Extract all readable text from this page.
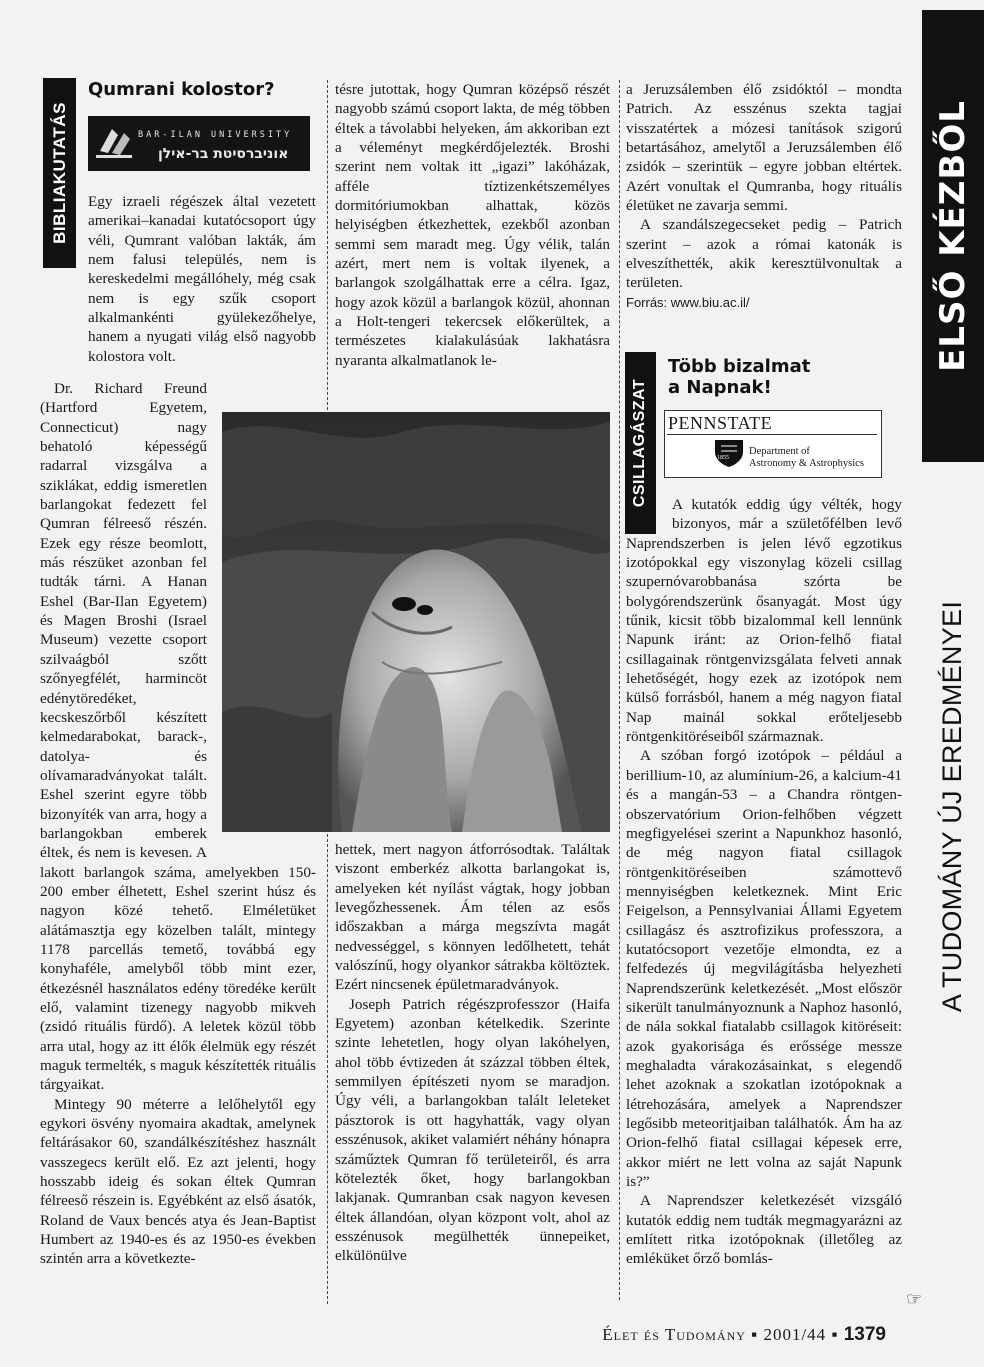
ELSŐ KÉZBŐL
A TUDOMÁNY ÚJ EREDMÉNYEI
BIBLIAKUTATÁS
Qumrani kolostor?
BAR-ILAN UNIVERSITY
אוניברסיטת בר-אילן

Egy izraeli régészek által vezetett amerikai–kanadai kutatócsoport úgy véli, Qumrant valóban lakták, ám nem falusi település, nem is kereskedelmi megállóhely, még csak nem is egy szűk csoport alkalmankénti gyülekezőhelye, hanem a nyugati világ első nagyobb kolostora volt.

Dr. Richard Freund (Hartford Egyetem, Connecticut) nagy behatoló képességű radarral vizsgálva a sziklákat, eddig ismeretlen barlangokat fedezett fel Qumran félreeső részén. Ezek egy része beomlott, más részüket azonban fel tudták tárni. A Hanan Eshel (Bar-Ilan Egyetem) és Magen Broshi (Israel Museum) vezette csoport szilvaágból szőtt szőnyegfélét, harmincöt edénytöredéket, kecskeszőrből készített kelmedarabokat, barack-, datolya- és olívamaradványokat talált. Eshel szerint egyre több bizonyíték van arra, hogy a barlangokban emberek éltek, és nem is kevesen. A lakott barlangok száma, amelyekben 150-200 ember élhetett, Eshel szerint húsz és nagyon közé tehető. Elméletüket alátámasztja egy közelben talált, mintegy 1178 parcellás temető, továbbá egy konyhaféle, amelyből több mint ezer, étkezésnél használatos edény töredéke került elő, valamint tizenegy nagyobb mikveh (zsidó rituális fürdő). A leletek közül több arra utal, hogy az itt élők élelmük egy részét maguk termelték, s maguk készítették rituális tárgyaikat.

Mintegy 90 méterre a lelőhelytől egy egykori ösvény nyomaira akadtak, amelynek feltárásakor 60, szandálkészítéshez használt vasszegecs került elő. Ez azt jelenti, hogy hosszabb ideig és sokan éltek Qumran félreeső részein is. Egyébként az első ásatók, Roland de Vaux bencés atya és Jean-Baptist Humbert az 1940-es és az 1950-es években szintén arra a következte-

tésre jutottak, hogy Qumran középső részét nagyobb számú csoport lakta, de még többen éltek a távolabbi helyeken, ám akkoriban ezt a véleményt megkérdőjelezték. Broshi szerint nem voltak itt „igazi” lakóházak, afféle tíztizenkétszemélyes dormitóriumokban alhattak, közös helyiségben étkezhettek, ezekből azonban semmi sem maradt meg. Úgy vélik, talán azért, mert nem is voltak ilyenek, a barlangok szolgálhattak erre a célra. Igaz, hogy azok közül a barlangok közül, ahonnan a Holt-tengeri tekercsek előkerültek, a természetes kialakulásúak lakhatásra nyaranta alkalmatlanok le-

hettek, mert nagyon átforrósodtak. Találtak viszont emberkéz alkotta barlangokat is, amelyeken két nyílást vágtak, hogy jobban levegőzhessenek. Ám télen az esős időszakban a márga megszívta magát nedvességgel, s könnyen ledőlhetett, tehát valószínű, hogy olyankor sátrakba költöztek. Ezért nincsenek épületmaradványok.

Joseph Patrich régészprofesszor (Haifa Egyetem) azonban kételkedik. Szerinte szinte lehetetlen, hogy olyan lakóhelyen, ahol több évtizeden át százzal többen éltek, semmilyen építészeti nyom se maradjon. Úgy véli, a barlangokban talált leleteket pásztorok is ott hagyhatták, vagy olyan esszénusok, akiket valamiért néhány hónapra száműztek Qumran fő területeiről, és arra kötelezték őket, hogy barlangokban lakjanak. Qumranban csak nagyon kevesen éltek állandóan, olyan központ volt, ahol az esszénusok megülhették ünnepeiket, elkülönülve

a Jeruzsálemben élő zsidóktól – mondta Patrich. Az esszénus szekta tagjai visszatértek a mózesi tanítások szigorú betartásához, amelytől a Jeruzsálemben élő zsidók – szerintük – egyre jobban eltértek. Azért vonultak el Qumranba, hogy rituális életüket ne zavarja semmi.

A szandálszegecseket pedig – Patrich szerint – azok a római katonák is elveszíthették, akik keresztülvonultak a területen.

Forrás: www.biu.ac.il/
CSILLAGÁSZAT
Több bizalmat
a Napnak!
PENNSTATE
1855
Department of
Astronomy & Astrophysics

A kutatók eddig úgy vélték, hogy bizonyos, már a születőfélben levő Naprendszerben is jelen lévő egzotikus izotópokkal egy viszonylag közeli csillag szupernóvarobbanása szórta be bolygórendszerünk ősanyagát. Most úgy tűnik, kicsit több bizalommal kell lennünk Napunk iránt: az Orion-felhő fiatal csillagainak röntgenvizsgálata felveti annak lehetőségét, hogy ezek az izotópok nem külső forrásból, hanem a még nagyon fiatal Nap mainál sokkal erőteljesebb röntgenkitöréseiből származnak.

A szóban forgó izotópok – például a berillium-10, az alumínium-26, a kalcium-41 és a mangán-53 – a Chandra röntgen-obszervatórium Orion-felhőben végzett megfigyelései szerint a Napunkhoz hasonló, de még nagyon fiatal csillagok röntgenkitöréseiben számottevő mennyiségben keletkeznek. Mint Eric Feigelson, a Pennsylvaniai Állami Egyetem csillagász és asztrofizikus professzora, a kutatócsoport vezetője elmondta, ez a felfedezés új megvilágításba helyezheti Naprendszerünk keletkezését. „Most először sikerült tanulmányoznunk a Naphoz hasonló, de nála sokkal fiatalabb csillagok kitöréseit: azok gyakorisága és erőssége messze meghaladta várakozásainkat, s elegendő lehet azoknak a szokatlan izotópoknak a létrehozására, amelyek a Naprendszer legősibb meteoritjaiban találhatók. Ám ha az Orion-felhő fiatal csillagai képesek erre, akkor miért ne lett volna az saját Napunk is?”

A Naprendszer keletkezését vizsgáló kutatók eddig nem tudták megmagyarázni az említett ritka izotópoknak (illetőleg az emléküket őrző bomlás-

☞
Élet és Tudomány ▪ 2001/44 ▪ 1379
